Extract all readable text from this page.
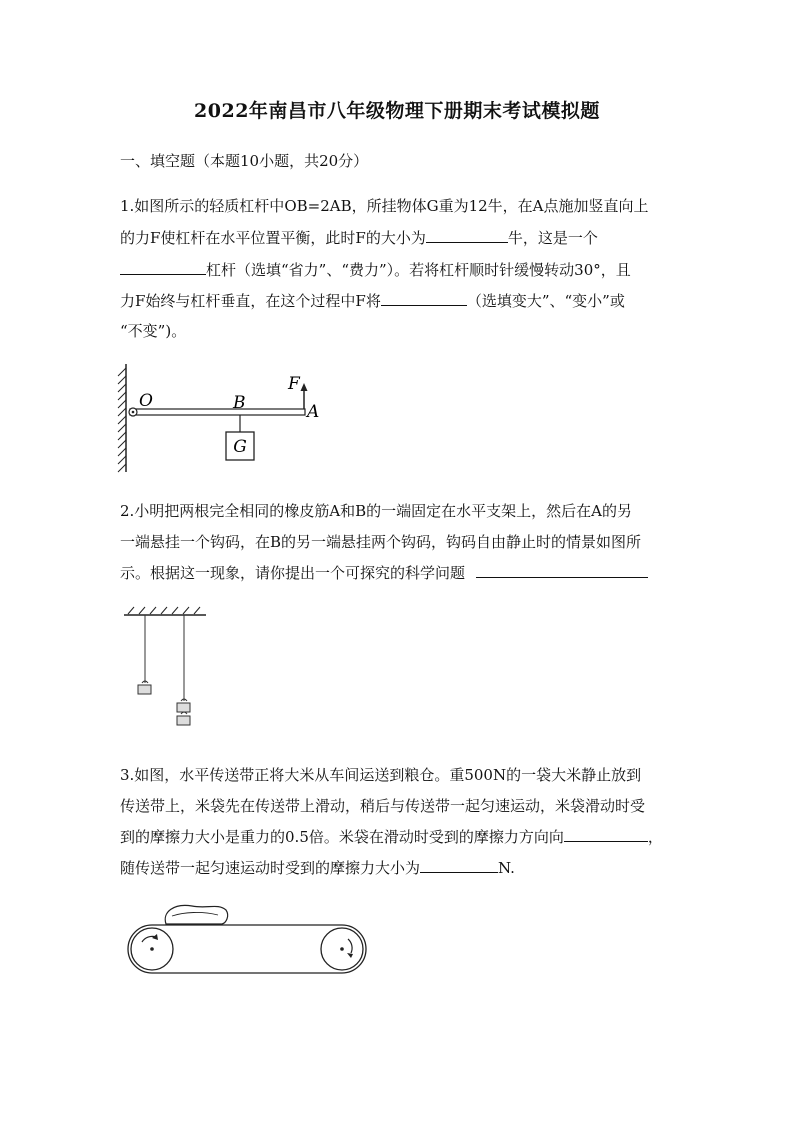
2022年南昌市八年级物理下册期末考试模拟题
一、填空题（本题10小题，共20分）
1.如图所示的轻质杠杆中OB=2AB，所挂物体G重为12牛，在A点施加竖直向上
的力F使杠杆在水平位置平衡，此时F的大小为	牛，这是一个
杠杆（选填“省力”、“费力”）。若将杠杆顺时针缓慢转动30°，且
力F始终与杠杆垂直，在这个过程中F将	（选填变大”、“变小”或
“不变”)。
O	B	A
F
G
2.小明把两根完全相同的橡皮筋A和B的一端固定在水平支架上，然后在A的另
一端悬挂一个钩码，在B的另一端悬挂两个钩码，钩码自由静止时的情景如图所
示。根据这一现象，请你提出一个可探究的科学问题
3.如图，水平传送带正将大米从车间运送到粮仓。重500N的一袋大米静止放到
传送带上，米袋先在传送带上滑动，稍后与传送带一起匀速运动，米袋滑动时受
到的摩擦力大小是重力的0.5倍。米袋在滑动时受到的摩擦力方向向	，
随传送带一起匀速运动时受到的摩擦力大小为	N.
